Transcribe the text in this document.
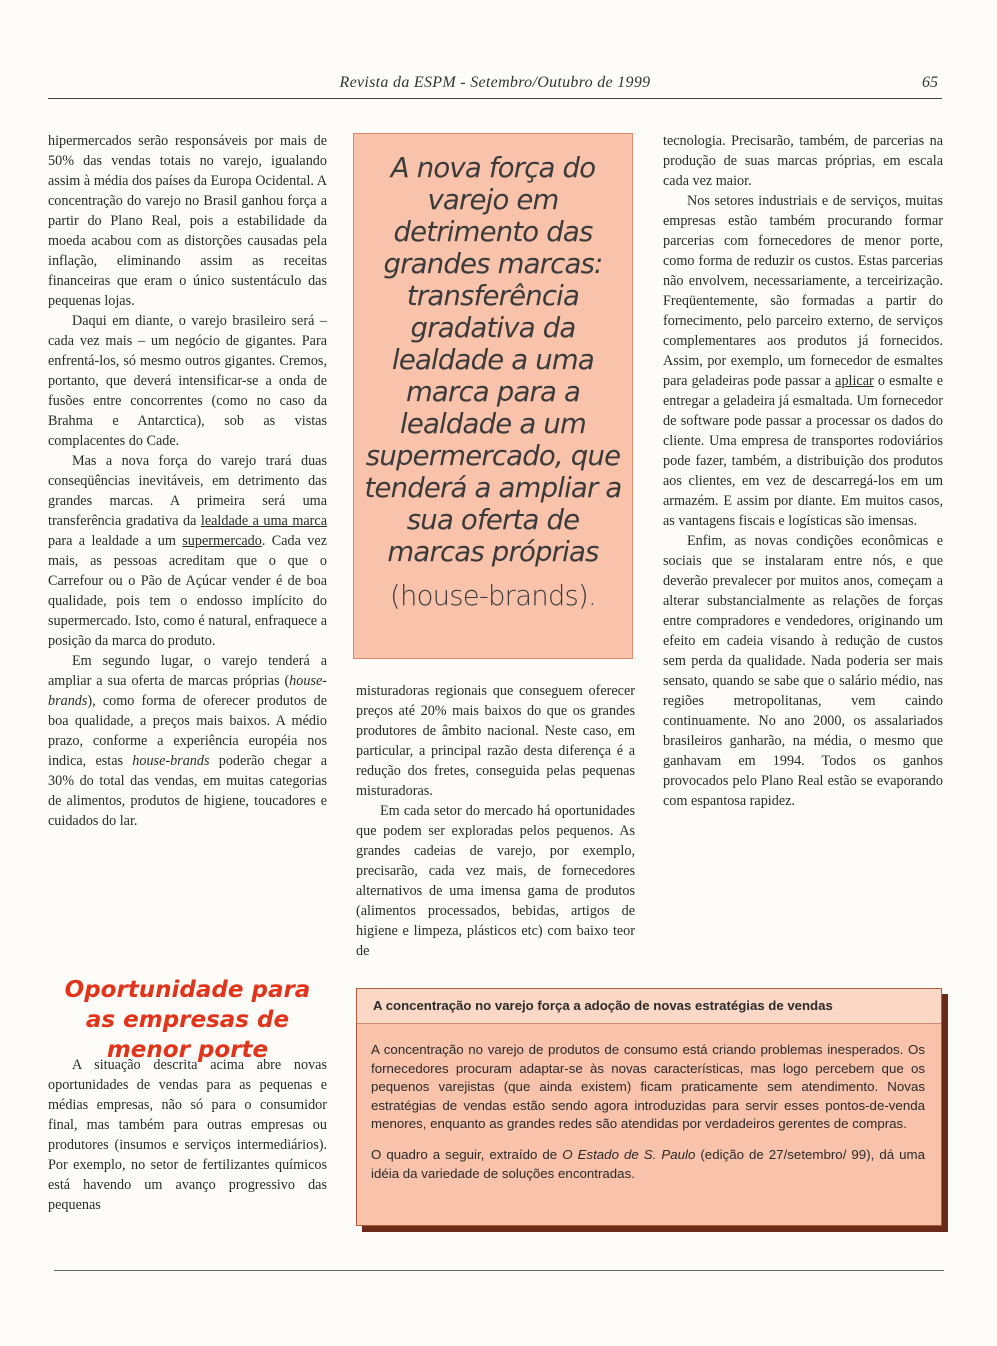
Revista da ESPM - Setembro/Outubro de 1999	65

hipermercados serão responsáveis por mais de 50% das vendas totais no varejo, igualando assim à média dos países da Europa Ocidental. A concentração do varejo no Brasil ganhou força a partir do Plano Real, pois a estabilidade da moeda acabou com as distorções causadas pela inflação, eliminando assim as receitas financeiras que eram o único sustentáculo das pequenas lojas.

Daqui em diante, o varejo brasileiro será – cada vez mais – um negócio de gigantes. Para enfrentá-los, só mesmo outros gigantes. Cremos, portanto, que deverá intensificar-se a onda de fusões entre concorrentes (como no caso da Brahma e Antarctica), sob as vistas complacentes do Cade.

Mas a nova força do varejo trará duas conseqüências inevitáveis, em detrimento das grandes marcas. A primeira será uma transferência gradativa da lealdade a uma marca para a lealdade a um supermercado. Cada vez mais, as pessoas acreditam que o que o Carrefour ou o Pão de Açúcar vender é de boa qualidade, pois tem o endosso implícito do supermercado. Isto, como é natural, enfraquece a posição da marca do produto.

Em segundo lugar, o varejo tenderá a ampliar a sua oferta de marcas próprias (house-brands), como forma de oferecer produtos de boa qualidade, a preços mais baixos. A médio prazo, conforme a experiência européia nos indica, estas house-brands poderão chegar a 30% do total das vendas, em muitas categorias de alimentos, produtos de higiene, toucadores e cuidados do lar.

A nova força do varejo em detrimento das grandes marcas: transferência gradativa da lealdade a uma marca para a lealdade a um supermercado, que tenderá a ampliar a sua oferta de marcas próprias
(house-brands).
Oportunidade para as empresas de menor porte

A situação descrita acima abre novas oportunidades de vendas para as pequenas e médias empresas, não só para o consumidor final, mas também para outras empresas ou produtores (insumos e serviços intermediários). Por exemplo, no setor de fertilizantes químicos está havendo um avanço progressivo das pequenas

misturadoras regionais que conseguem oferecer preços até 20% mais baixos do que os grandes produtores de âmbito nacional. Neste caso, em particular, a principal razão desta diferença é a redução dos fretes, conseguida pelas pequenas misturadoras.

Em cada setor do mercado há oportunidades que podem ser exploradas pelos pequenos. As grandes cadeias de varejo, por exemplo, precisarão, cada vez mais, de fornecedores alternativos de uma imensa gama de produtos (alimentos processados, bebidas, artigos de higiene e limpeza, plásticos etc) com baixo teor de

tecnologia. Precisarão, também, de parcerias na produção de suas marcas próprias, em escala cada vez maior.

Nos setores industriais e de serviços, muitas empresas estão também procurando formar parcerias com fornecedores de menor porte, como forma de reduzir os custos. Estas parcerias não envolvem, necessariamente, a terceirização. Freqüentemente, são formadas a partir do fornecimento, pelo parceiro externo, de serviços complementares aos produtos já fornecidos. Assim, por exemplo, um fornecedor de esmaltes para geladeiras pode passar a aplicar o esmalte e entregar a geladeira já esmaltada. Um fornecedor de software pode passar a processar os dados do cliente. Uma empresa de transportes rodoviários pode fazer, também, a distribuição dos produtos aos clientes, em vez de descarregá-los em um armazém. E assim por diante. Em muitos casos, as vantagens fiscais e logísticas são imensas.

Enfim, as novas condições econômicas e sociais que se instalaram entre nós, e que deverão prevalecer por muitos anos, começam a alterar substancialmente as relações de forças entre compradores e vendedores, originando um efeito em cadeia visando à redução de custos sem perda da qualidade. Nada poderia ser mais sensato, quando se sabe que o salário médio, nas regiões metropolitanas, vem caindo continuamente. No ano 2000, os assalariados brasileiros ganharão, na média, o mesmo que ganhavam em 1994. Todos os ganhos provocados pelo Plano Real estão se evaporando com espantosa rapidez.

A concentração no varejo força a adoção de novas estratégias de vendas

A concentração no varejo de produtos de consumo está criando problemas inesperados. Os fornecedores procuram adaptar-se às novas características, mas logo percebem que os pequenos varejistas (que ainda existem) ficam praticamente sem atendimento. Novas estratégias de vendas estão sendo agora introduzidas para servir esses pontos-de-venda menores, enquanto as grandes redes são atendidas por verdadeiros gerentes de compras.

O quadro a seguir, extraído de O Estado de S. Paulo (edição de 27/setembro/ 99), dá uma idéia da variedade de soluções encontradas.
